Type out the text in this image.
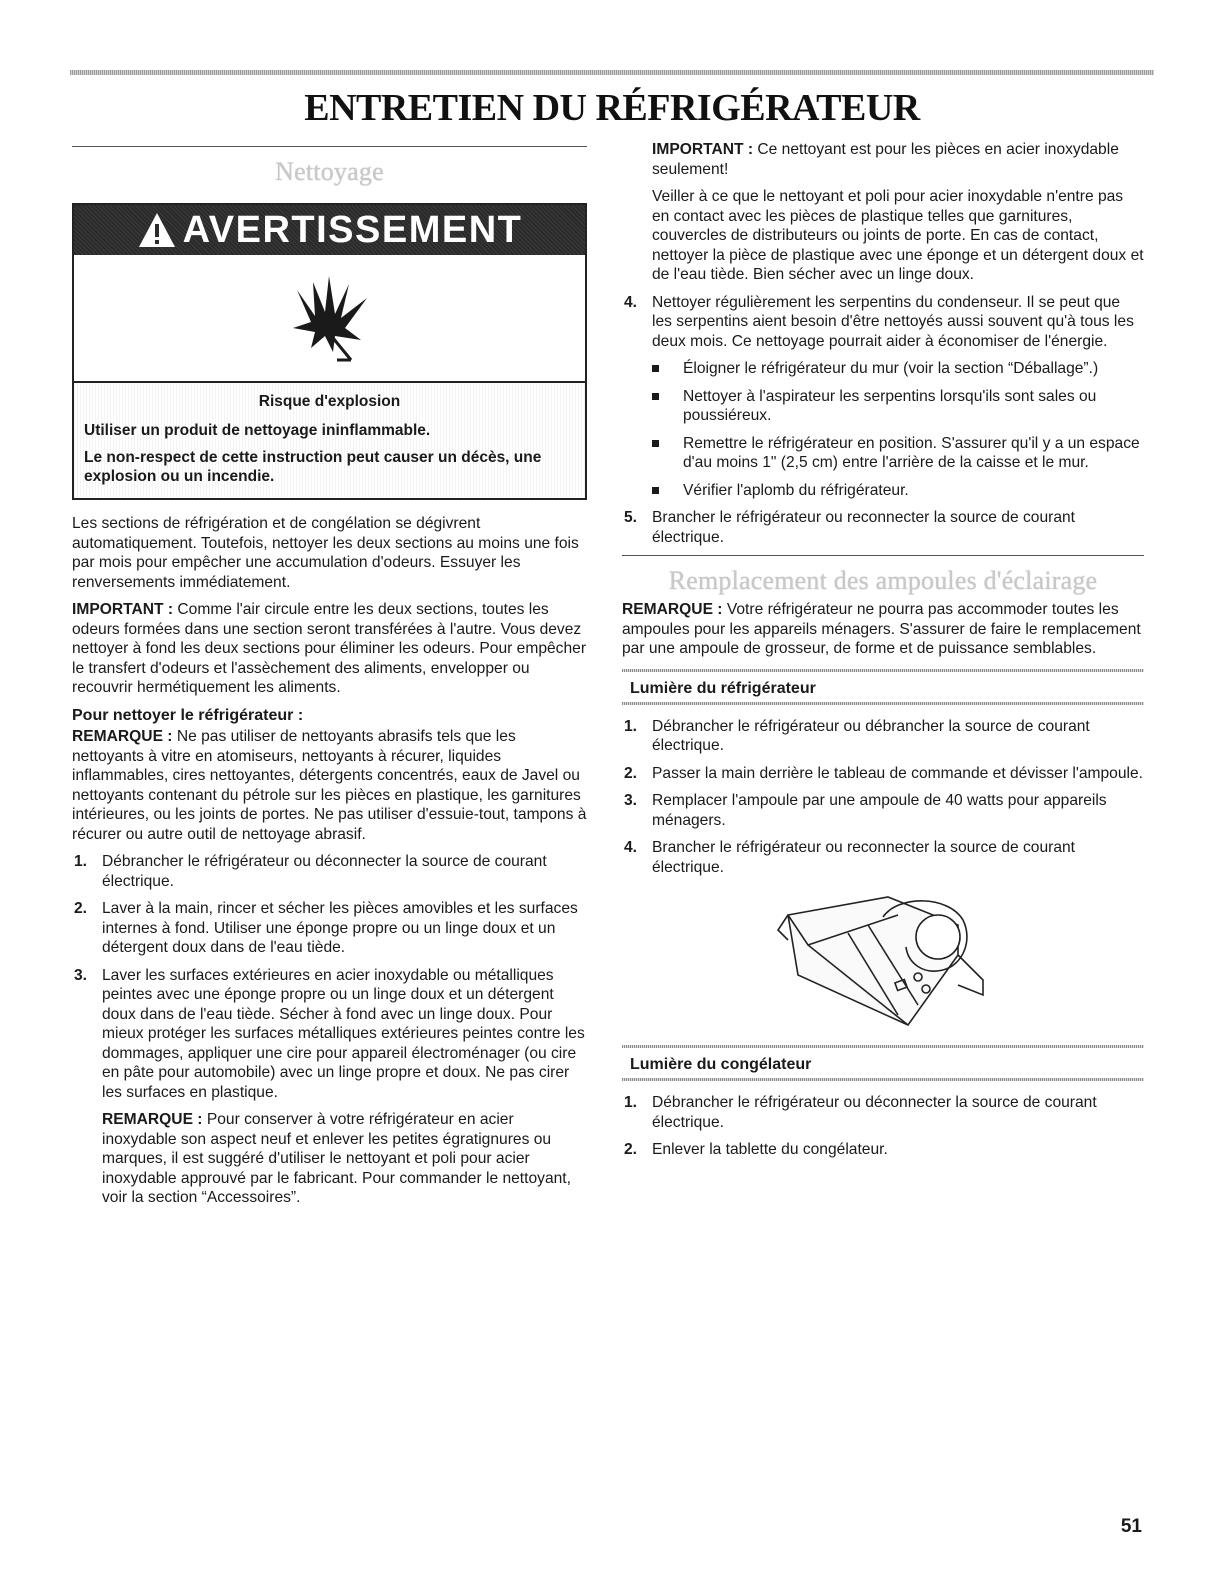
ENTRETIEN DU RÉFRIGÉRATEUR
Nettoyage
AVERTISSEMENT
Risque d'explosion
Utiliser un produit de nettoyage ininflammable.
Le non-respect de cette instruction peut causer un décès, une explosion ou un incendie.

Les sections de réfrigération et de congélation se dégivrent automatiquement. Toutefois, nettoyer les deux sections au moins une fois par mois pour empêcher une accumulation d'odeurs. Essuyer les renversements immédiatement.

IMPORTANT : Comme l'air circule entre les deux sections, toutes les odeurs formées dans une section seront transférées à l'autre. Vous devez nettoyer à fond les deux sections pour éliminer les odeurs. Pour empêcher le transfert d'odeurs et l'assèchement des aliments, envelopper ou recouvrir hermétiquement les aliments.

Pour nettoyer le réfrigérateur :

REMARQUE : Ne pas utiliser de nettoyants abrasifs tels que les nettoyants à vitre en atomiseurs, nettoyants à récurer, liquides inflammables, cires nettoyantes, détergents concentrés, eaux de Javel ou nettoyants contenant du pétrole sur les pièces en plastique, les garnitures intérieures, ou les joints de portes. Ne pas utiliser d'essuie-tout, tampons à récurer ou autre outil de nettoyage abrasif.

1. Débrancher le réfrigérateur ou déconnecter la source de courant électrique.
2. Laver à la main, rincer et sécher les pièces amovibles et les surfaces internes à fond. Utiliser une éponge propre ou un linge doux et un détergent doux dans de l'eau tiède.
3. Laver les surfaces extérieures en acier inoxydable ou métalliques peintes avec une éponge propre ou un linge doux et un détergent doux dans de l'eau tiède. Sécher à fond avec un linge doux. Pour mieux protéger les surfaces métalliques extérieures peintes contre les dommages, appliquer une cire pour appareil électroménager (ou cire en pâte pour automobile) avec un linge propre et doux. Ne pas cirer les surfaces en plastique.

REMARQUE : Pour conserver à votre réfrigérateur en acier inoxydable son aspect neuf et enlever les petites égratignures ou marques, il est suggéré d'utiliser le nettoyant et poli pour acier inoxydable approuvé par le fabricant. Pour commander le nettoyant, voir la section “Accessoires”.

IMPORTANT : Ce nettoyant est pour les pièces en acier inoxydable seulement!

Veiller à ce que le nettoyant et poli pour acier inoxydable n'entre pas en contact avec les pièces de plastique telles que garnitures, couvercles de distributeurs ou joints de porte. En cas de contact, nettoyer la pièce de plastique avec une éponge et un détergent doux et de l'eau tiède. Bien sécher avec un linge doux.

4. Nettoyer régulièrement les serpentins du condenseur. Il se peut que les serpentins aient besoin d'être nettoyés aussi souvent qu'à tous les deux mois. Ce nettoyage pourrait aider à économiser de l'énergie.
Éloigner le réfrigérateur du mur (voir la section “Déballage”.)
Nettoyer à l'aspirateur les serpentins lorsqu'ils sont sales ou poussiéreux.
Remettre le réfrigérateur en position. S'assurer qu'il y a un espace d'au moins 1" (2,5 cm) entre l'arrière de la caisse et le mur.
Vérifier l'aplomb du réfrigérateur.
5. Brancher le réfrigérateur ou reconnecter la source de courant électrique.
Remplacement des ampoules d'éclairage

REMARQUE : Votre réfrigérateur ne pourra pas accommoder toutes les ampoules pour les appareils ménagers. S'assurer de faire le remplacement par une ampoule de grosseur, de forme et de puissance semblables.

Lumière du réfrigérateur
1. Débrancher le réfrigérateur ou débrancher la source de courant électrique.
2. Passer la main derrière le tableau de commande et dévisser l'ampoule.
3. Remplacer l'ampoule par une ampoule de 40 watts pour appareils ménagers.
4. Brancher le réfrigérateur ou reconnecter la source de courant électrique.
Lumière du congélateur
1. Débrancher le réfrigérateur ou déconnecter la source de courant électrique.
2. Enlever la tablette du congélateur.
51
